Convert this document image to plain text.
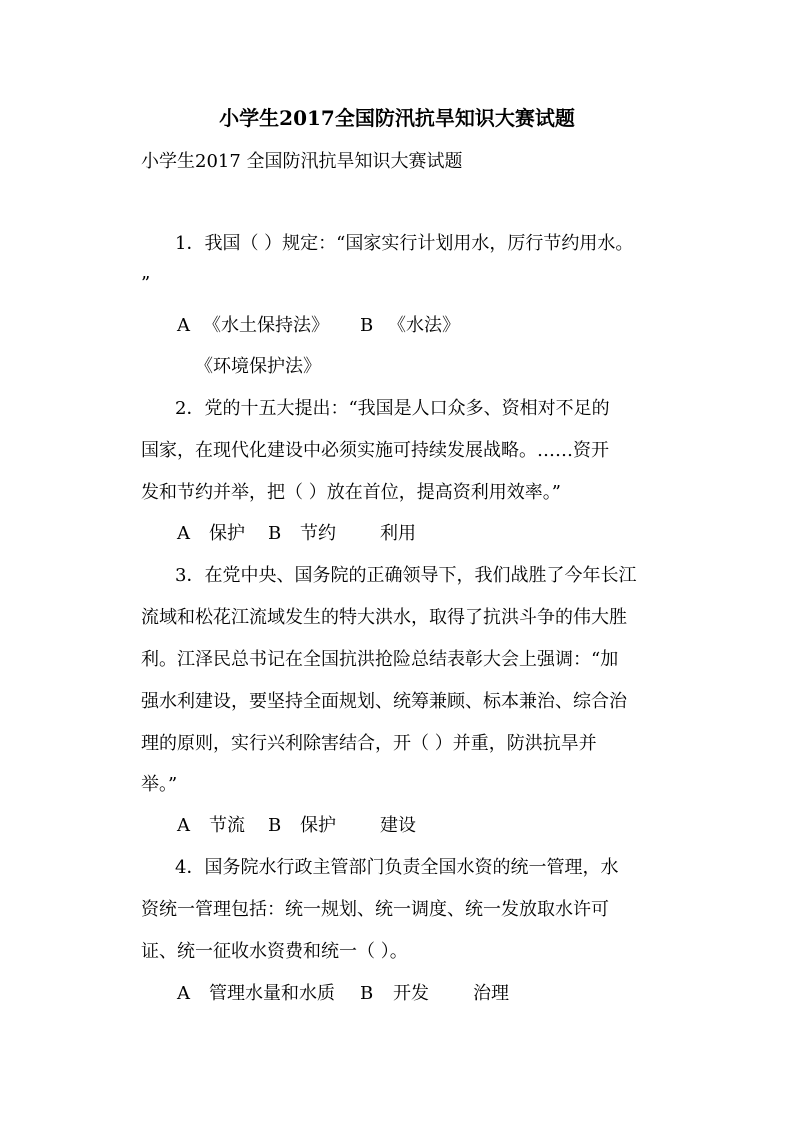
小学生2017全国防汛抗旱知识大赛试题
小学生2017 全国防汛抗旱知识大赛试题
1．我国（ ）规定：“国家实行计划用水，厉行节约用水。
”
A 《水土保持法》 B 《水法》
《环境保护法》
2．党的十五大提出：“我国是人口众多、资相对不足的
国家，在现代化建设中必须实施可持续发展战略。……资开
发和节约并举，把（ ）放在首位，提高资利用效率。”
A 保护 B 节约 利用
3．在党中央、国务院的正确领导下，我们战胜了今年长江
流域和松花江流域发生的特大洪水，取得了抗洪斗争的伟大胜
利。江泽民总书记在全国抗洪抢险总结表彰大会上强调：“加
强水利建设，要坚持全面规划、统筹兼顾、标本兼治、综合治
理的原则，实行兴利除害结合，开（ ）并重，防洪抗旱并
举。”
A 节流 B 保护 建设
4．国务院水行政主管部门负责全国水资的统一管理，水
资统一管理包括：统一规划、统一调度、统一发放取水许可
证、统一征收水资费和统一（ ）。
A 管理水量和水质 B 开发 治理
